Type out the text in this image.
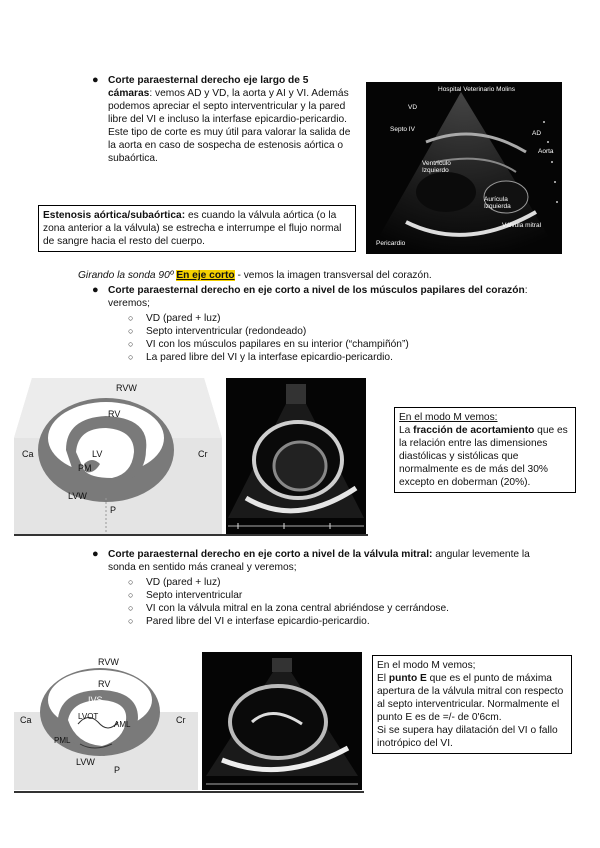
● Corte paraesternal derecho eje largo de 5 cámaras: vemos AD y VD, la aorta y AI y VI. Además podemos apreciar el septo interventricular y la pared libre del VI e incluso la interfase epicardio-pericardio. Este tipo de corte es muy útil para valorar la salida de la aorta en caso de sospecha de estenosis aórtica o subaórtica.
Estenosis aórtica/subaórtica: es cuando la válvula aórtica (o la zona anterior a la válvula) se estrecha e interrumpe el flujo normal de sangre hacia el resto del cuerpo.
Hospital Veterinario Molins
VD
Septo IV
AD
Aorta
Ventrículo Izquierdo
Aurícula Izquierda
Válvula mitral
Pericardio
Girando la sonda 90º En eje corto - vemos la imagen transversal del corazón.
● Corte paraesternal derecho en eje corto a nivel de los músculos papilares del corazón: veremos;
○ VD (pared + luz)
○ Septo interventricular (redondeado)
○ VI con los músculos papilares en su interior (“champiñón”)
○ La pared libre del VI y la interfase epicardio-pericardio.
RVW
RV
IVS
Ca	Cr
LV
PM
LVW
P
En el modo M vemos:
La fracción de acortamiento que es la relación entre las dimensiones diastólicas y sistólicas que normalmente es de más del 30% excepto en doberman (20%).
● Corte paraesternal derecho en eje corto a nivel de la válvula mitral: angular levemente la sonda en sentido más craneal y veremos;
○ VD (pared + luz)
○ Septo interventricular
○ VI con la válvula mitral en la zona central abriéndose y cerrándose.
○ Pared libre del VI e interfase epicardio-pericardio.
RVW
RV
IVS
Ca	Cr
LVOT
AML
PML
LVW
P
En el modo M vemos;
El punto E que es el punto de máxima apertura de la válvula mitral con respecto al septo interventricular. Normalmente el punto E es de =/- de 0'6cm.
Si se supera hay dilatación del VI o fallo inotrópico del VI.
